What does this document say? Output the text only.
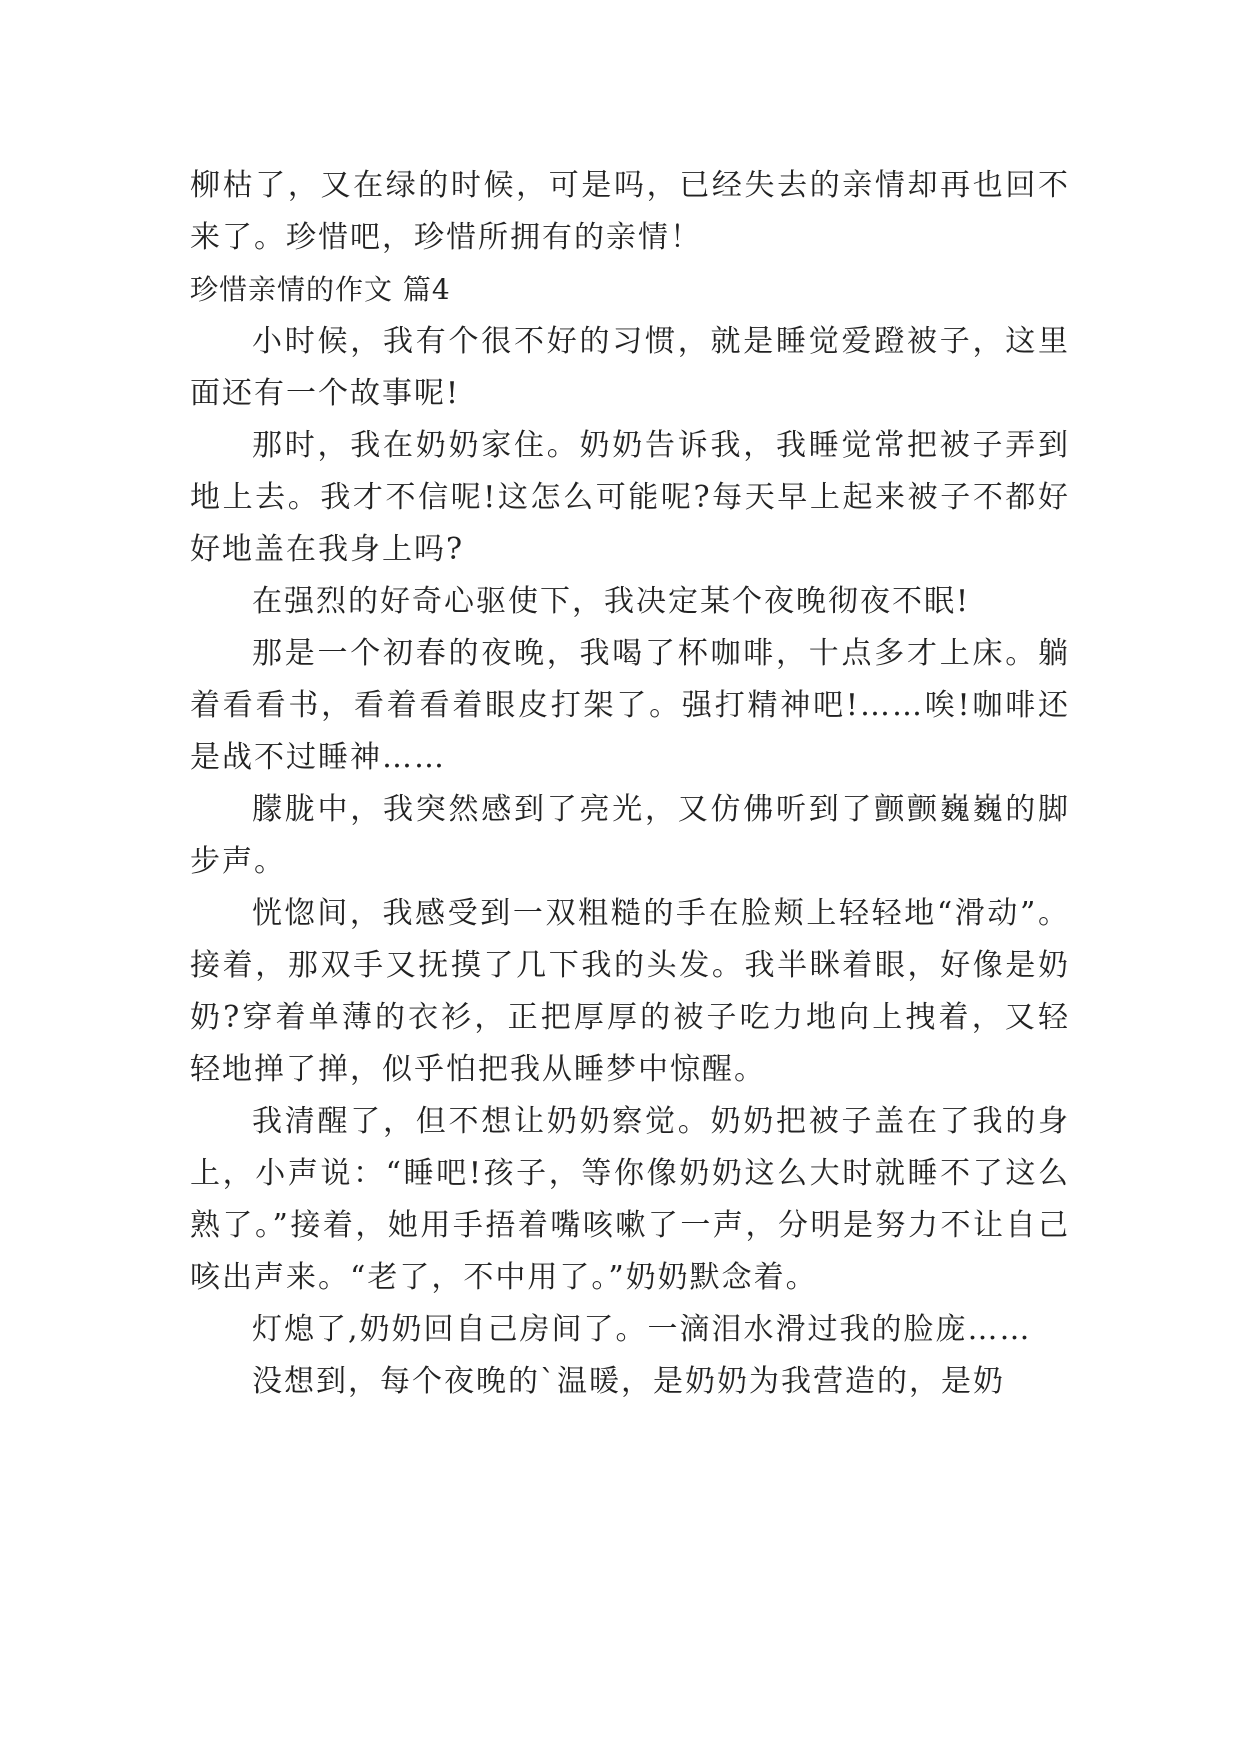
柳枯了，又在绿的时候，可是吗，已经失去的亲情却再也回不来了。珍惜吧，珍惜所拥有的亲情！

珍惜亲情的作文 篇4

小时候，我有个很不好的习惯，就是睡觉爱蹬被子，这里面还有一个故事呢!

那时，我在奶奶家住。奶奶告诉我，我睡觉常把被子弄到地上去。我才不信呢!这怎么可能呢?每天早上起来被子不都好好地盖在我身上吗?

在强烈的好奇心驱使下，我决定某个夜晚彻夜不眠!

那是一个初春的夜晚，我喝了杯咖啡，十点多才上床。躺着看看书，看着看着眼皮打架了。强打精神吧!……唉!咖啡还是战不过睡神……

朦胧中，我突然感到了亮光，又仿佛听到了颤颤巍巍的脚步声。

恍惚间，我感受到一双粗糙的手在脸颊上轻轻地“滑动”。接着，那双手又抚摸了几下我的头发。我半眯着眼，好像是奶奶?穿着单薄的衣衫，正把厚厚的被子吃力地向上拽着，又轻轻地掸了掸，似乎怕把我从睡梦中惊醒。

我清醒了，但不想让奶奶察觉。奶奶把被子盖在了我的身上，小声说：“睡吧!孩子，等你像奶奶这么大时就睡不了这么熟了。”接着，她用手捂着嘴咳嗽了一声，分明是努力不让自己咳出声来。“老了，不中用了。”奶奶默念着。

灯熄了,奶奶回自己房间了。一滴泪水滑过我的脸庞……

没想到，每个夜晚的`温暖，是奶奶为我营造的，是奶
